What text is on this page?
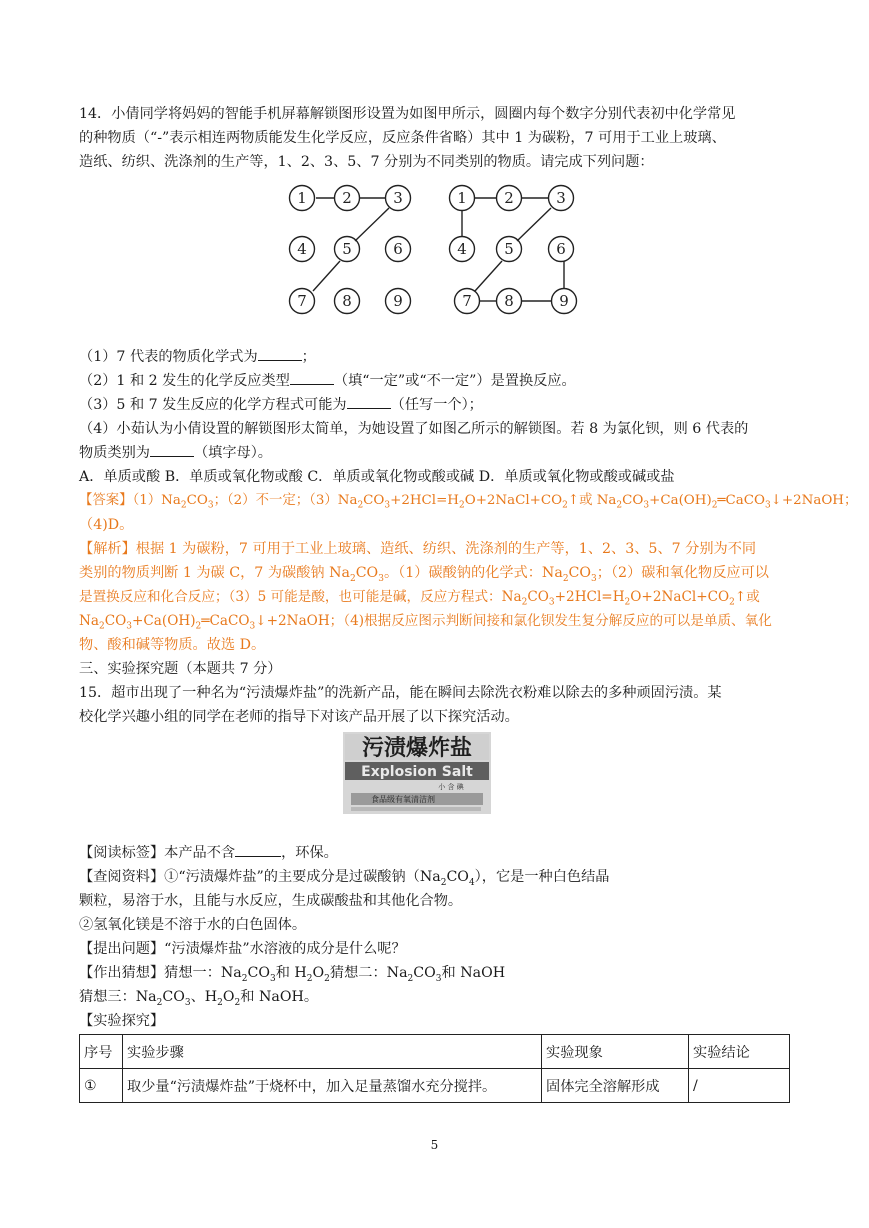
14．小倩同学将妈妈的智能手机屏幕解锁图形设置为如图甲所示，圆圈内每个数字分别代表初中化学常见
的种物质（“-”表示相连两物质能发生化学反应，反应条件省略）其中 1 为碳粉，7 可用于工业上玻璃、
造纸、纺织、洗涤剂的生产等，1、2、3、5、7 分别为不同类别的物质。请完成下列问题：
1 2	3
4 5	6
7 8	9
1 2	3
4 5	6
7 8	9
（1）7 代表的物质化学式为	；
（2）1 和 2 发生的化学反应类型	（填“一定”或“不一定”）是置换反应。
（3）5 和 7 发生反应的化学方程式可能为	（任写一个）；
（4）小茹认为小倩设置的解锁图形太简单，为她设置了如图乙所示的解锁图。若 8 为氯化钡，则 6 代表的
物质类别为	（填字母）。
A．单质或酸 B．单质或氧化物或酸 C．单质或氧化物或酸或碱 D．单质或氧化物或酸或碱或盐
【答案】$(1)Na_2CO_3$；（2）不一定；$(3)Na_2CO_3+2HCl=H_2O+2NaCl+CO_2↑$或 $Na_2CO_3+Ca(OH)_2═CaCO_3↓+2NaOH$；
（4)D。
【解析】根据 1 为碳粉，7 可用于工业上玻璃、造纸、纺织、洗涤剂的生产等，1、2、3、5、7 分别为不同
类别的物质判断 1 为碳 C，7 为碳酸钠 $Na_2CO_3$。（1）碳酸钠的化学式：$Na_2CO_3$；（2）碳和氧化物反应可以
是置换反应和化合反应；（3）5 可能是酸，也可能是碱，反应方程式：$Na_2CO_3+2HCl=H_2O+2NaCl+CO_2↑$或
$Na_2CO_3+Ca(OH)_2═CaCO_3↓+2NaOH$；（4)根据反应图示判断间接和氯化钡发生复分解反应的可以是单质、氧化
物、酸和碱等物质。故选 D。
三、实验探究题（本题共 7 分）
15．超市出现了一种名为“污渍爆炸盐”的洗新产品，能在瞬间去除洗衣粉难以除去的多种顽固污渍。某
校化学兴趣小组的同学在老师的指导下对该产品开展了以下探究活动。
污渍爆炸盐
Explosion Salt
小 含 碘
食品级有氧清洁剂
【阅读标签】本产品不含	，环保。
【查阅资料】①“污渍爆炸盐”的主要成分是过碳酸钠$(Na_2CO_4)$，它是一种白色结晶
颗粒，易溶于水，且能与水反应，生成碳酸盐和其他化合物。
②氢氧化镁是不溶于水的白色固体。
【提出问题】“污渍爆炸盐”水溶液的成分是什么呢？
【作出猜想】猜想一：$Na_2CO_3$和 $H_2O_2$猜想二：$Na_2CO_3$和 NaOH
猜想三：$Na_2CO_3$、$H_2O_2$和 NaOH。
【实验探究】
序号	实验步骤	实验现象	实验结论
①	取少量“污渍爆炸盐”于烧杯中，加入足量蒸馏水充分搅拌。	固体完全溶解形成	/
5
